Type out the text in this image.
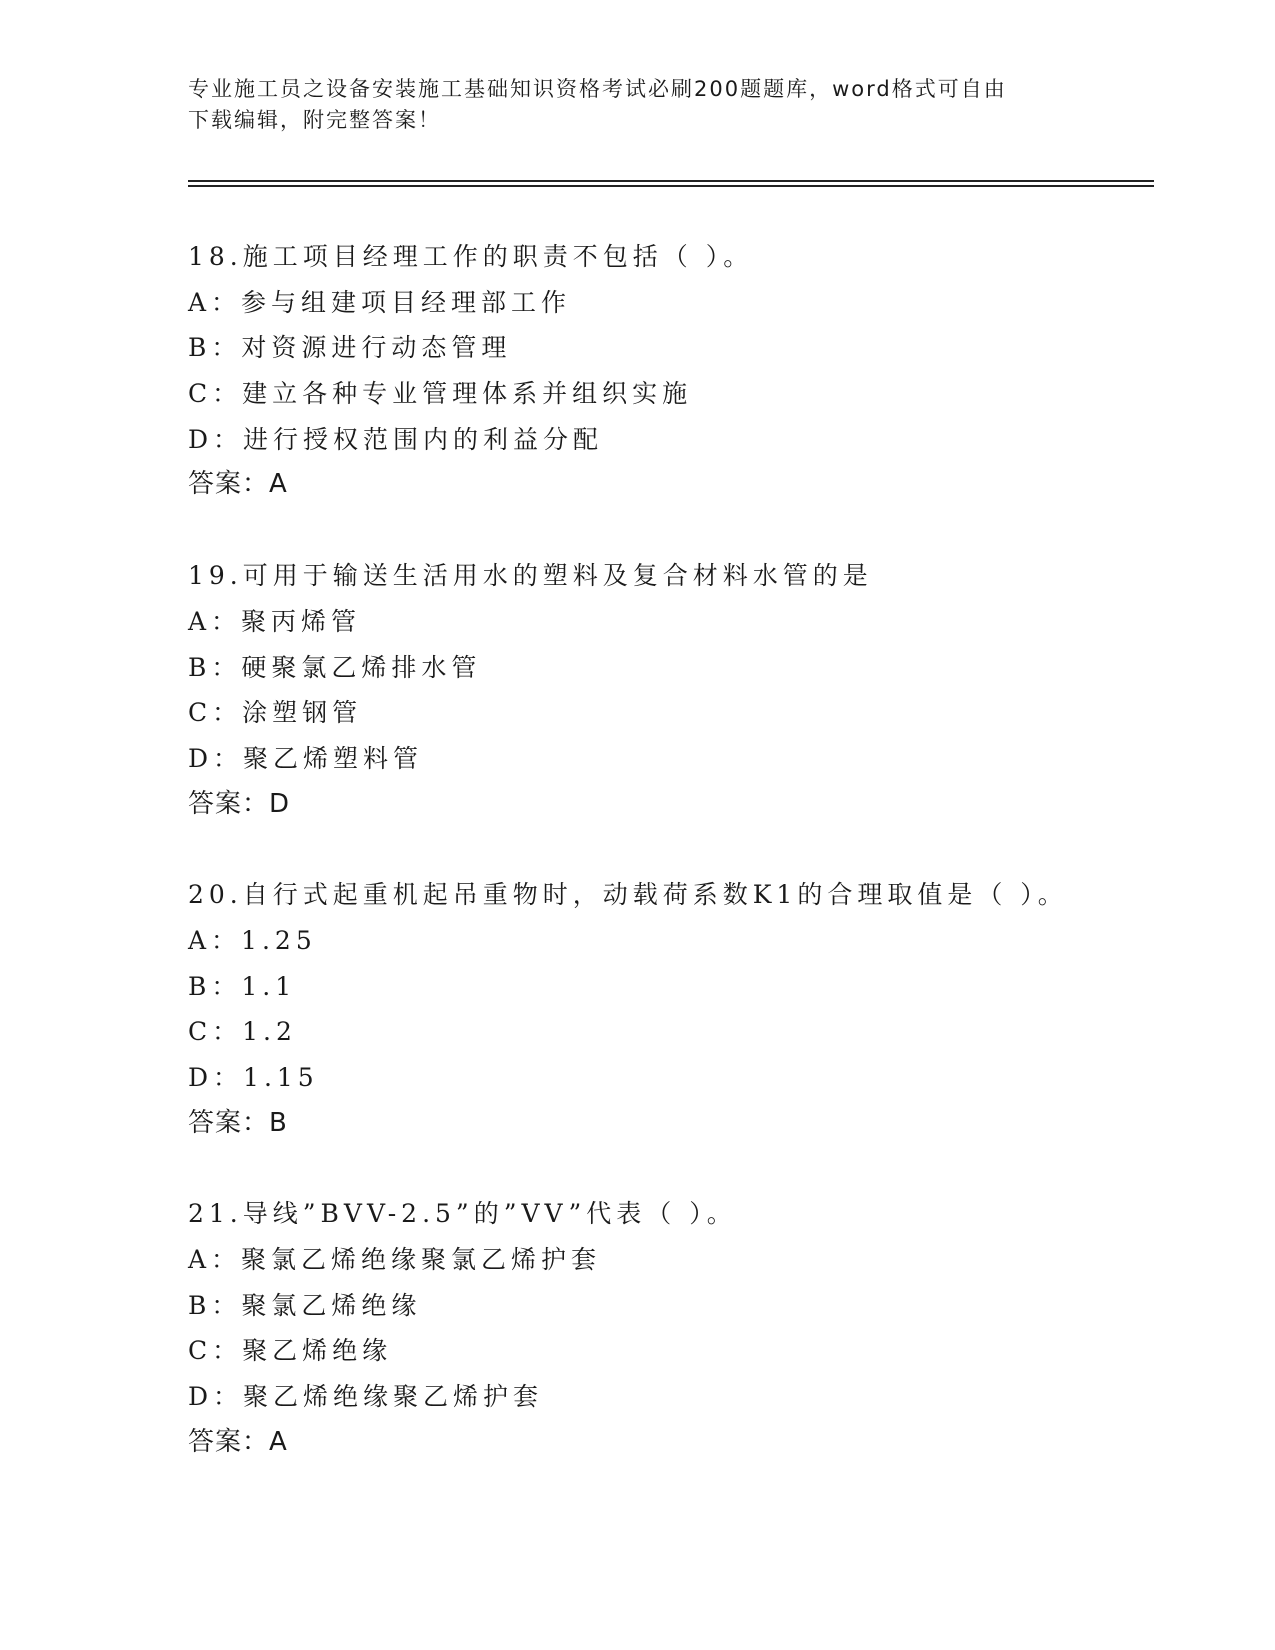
专业施工员之设备安装施工基础知识资格考试必刷200题题库，word格式可自由
下载编辑，附完整答案！
18.施工项目经理工作的职责不包括（ ）。
A：参与组建项目经理部工作
B：对资源进行动态管理
C：建立各种专业管理体系并组织实施
D：进行授权范围内的利益分配
答案：A
19.可用于输送生活用水的塑料及复合材料水管的是
A：聚丙烯管
B：硬聚氯乙烯排水管
C：涂塑钢管
D：聚乙烯塑料管
答案：D
20.自行式起重机起吊重物时，动载荷系数K1的合理取值是（ ）。
A：1.25
B：1.1
C：1.2
D：1.15
答案：B
21.导线”BVV-2.5”的”VV”代表（ ）。
A：聚氯乙烯绝缘聚氯乙烯护套
B：聚氯乙烯绝缘
C：聚乙烯绝缘
D：聚乙烯绝缘聚乙烯护套
答案：A
